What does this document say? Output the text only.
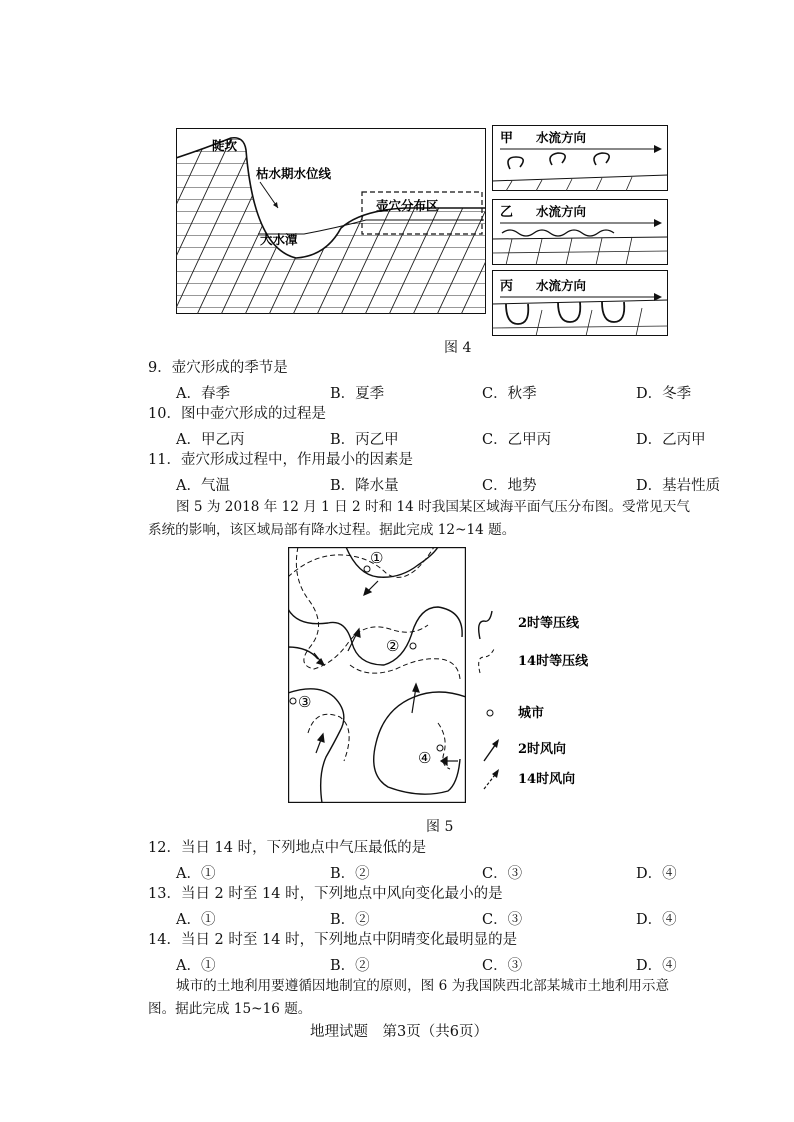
陡坎
枯水期水位线
壶穴分布区
大水潭
甲 水流方向
乙 水流方向
丙 水流方向
图 4
9．壶穴形成的季节是
A．春季	B．夏季	C．秋季	D．冬季
10．图中壶穴形成的过程是
A．甲乙丙	B．丙乙甲	C．乙甲丙	D．乙丙甲
11．壶穴形成过程中，作用最小的因素是
A．气温	B．降水量	C．地势	D．基岩性质
图 5 为 2018 年 12 月 1 日 2 时和 14 时我国某区域海平面气压分布图。受常见天气
系统的影响，该区域局部有降水过程。据此完成 12~14 题。
①
②
③
④
2时等压线
14时等压线
城市
2时风向
14时风向
图 5
12．当日 14 时，下列地点中气压最低的是
A．①	B．②	C．③	D．④
13．当日 2 时至 14 时，下列地点中风向变化最小的是
A．①	B．②	C．③	D．④
14．当日 2 时至 14 时，下列地点中阴晴变化最明显的是
A．①	B．②	C．③	D．④
城市的土地利用要遵循因地制宜的原则，图 6 为我国陕西北部某城市土地利用示意
图。据此完成 15~16 题。
地理试题　第3页（共6页）
